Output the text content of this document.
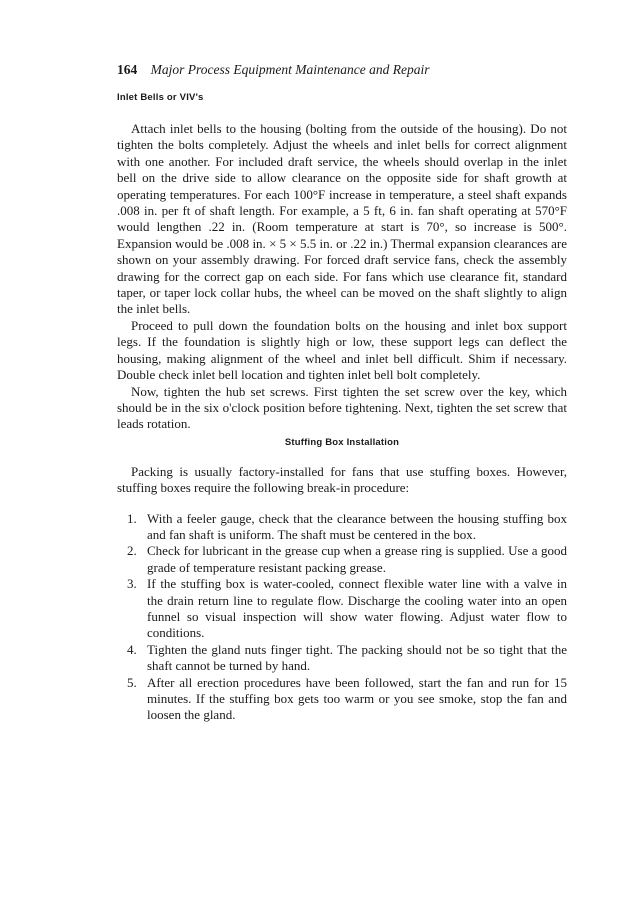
164 Major Process Equipment Maintenance and Repair
Inlet Bells or VIV's

Attach inlet bells to the housing (bolting from the outside of the housing). Do not tighten the bolts completely. Adjust the wheels and inlet bells for correct alignment with one another. For included draft service, the wheels should overlap in the inlet bell on the drive side to allow clearance on the opposite side for shaft growth at operating temperatures. For each 100°F increase in temperature, a steel shaft expands .008 in. per ft of shaft length. For example, a 5 ft, 6 in. fan shaft operating at 570°F would lengthen .22 in. (Room temperature at start is 70°, so increase is 500°. Expansion would be .008 in. × 5 × 5.5 in. or .22 in.) Thermal expansion clearances are shown on your assembly drawing. For forced draft service fans, check the assembly drawing for the correct gap on each side. For fans which use clearance fit, standard taper, or taper lock collar hubs, the wheel can be moved on the shaft slightly to align the inlet bells.

Proceed to pull down the foundation bolts on the housing and inlet box support legs. If the foundation is slightly high or low, these support legs can deflect the housing, making alignment of the wheel and inlet bell difficult. Shim if necessary. Double check inlet bell location and tighten inlet bell bolt completely.

Now, tighten the hub set screws. First tighten the set screw over the key, which should be in the six o'clock position before tightening. Next, tighten the set screw that leads rotation.

Stuffing Box Installation

Packing is usually factory-installed for fans that use stuffing boxes. However, stuffing boxes require the following break-in procedure:

1. With a feeler gauge, check that the clearance between the housing stuffing box and fan shaft is uniform. The shaft must be centered in the box.
2. Check for lubricant in the grease cup when a grease ring is supplied. Use a good grade of temperature resistant packing grease.
3. If the stuffing box is water-cooled, connect flexible water line with a valve in the drain return line to regulate flow. Discharge the cooling water into an open funnel so visual inspection will show water flowing. Adjust water flow to conditions.
4. Tighten the gland nuts finger tight. The packing should not be so tight that the shaft cannot be turned by hand.
5. After all erection procedures have been followed, start the fan and run for 15 minutes. If the stuffing box gets too warm or you see smoke, stop the fan and loosen the gland.
